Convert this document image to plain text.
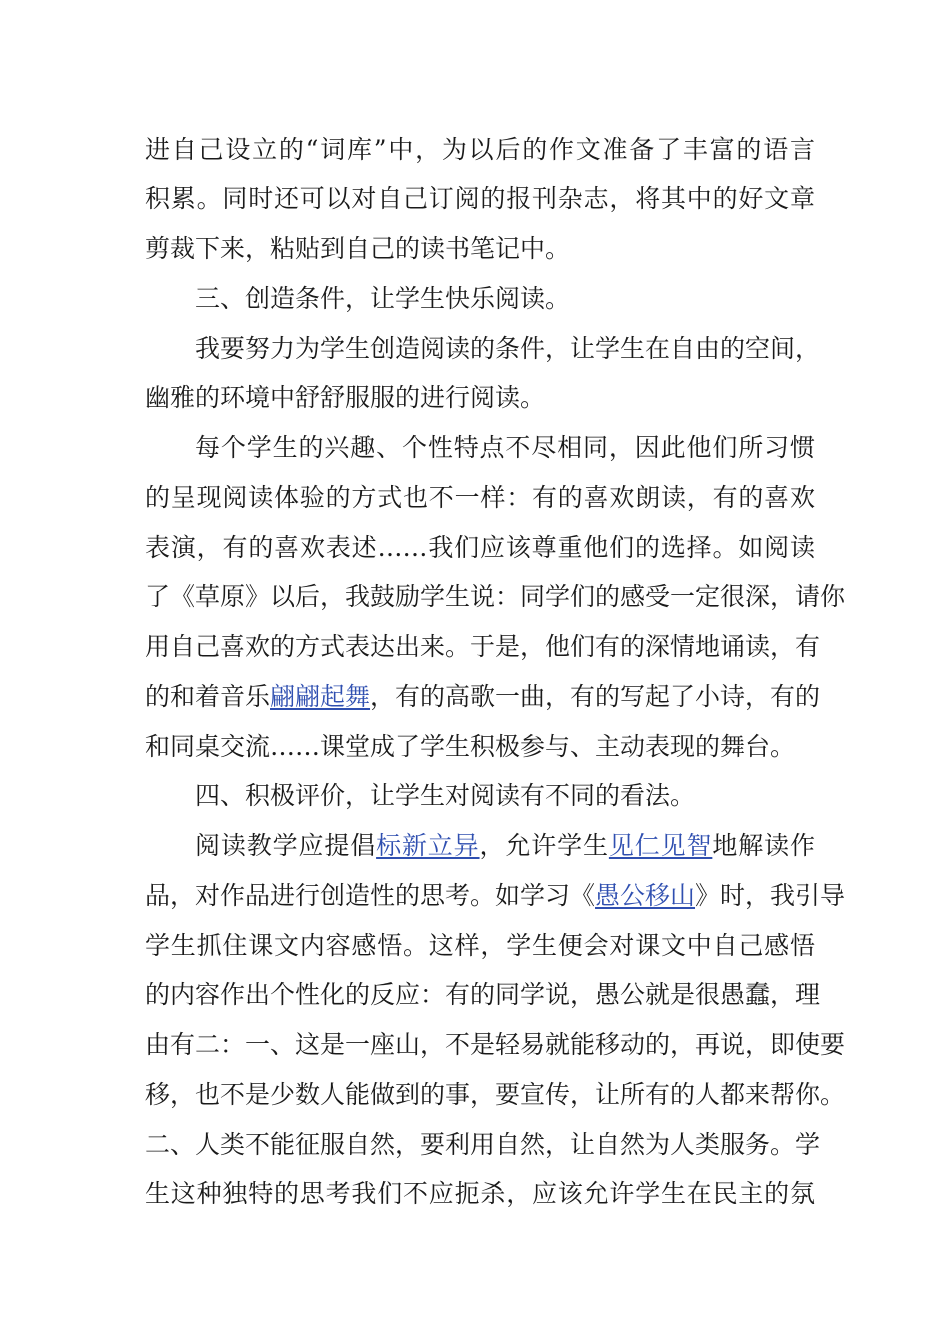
进自己设立的“词库”中，为以后的作文准备了丰富的语言
积累。同时还可以对自己订阅的报刊杂志，将其中的好文章
剪裁下来，粘贴到自己的读书笔记中。
三、创造条件，让学生快乐阅读。
我要努力为学生创造阅读的条件，让学生在自由的空间，
幽雅的环境中舒舒服服的进行阅读。
每个学生的兴趣、个性特点不尽相同，因此他们所习惯
的呈现阅读体验的方式也不一样：有的喜欢朗读，有的喜欢
表演，有的喜欢表述……我们应该尊重他们的选择。如阅读
了《草原》以后，我鼓励学生说：同学们的感受一定很深，请你
用自己喜欢的方式表达出来。于是，他们有的深情地诵读，有
的和着音乐翩翩起舞，有的高歌一曲，有的写起了小诗，有的
和同桌交流……课堂成了学生积极参与、主动表现的舞台。
四、积极评价，让学生对阅读有不同的看法。
阅读教学应提倡标新立异，允许学生见仁见智地解读作
品，对作品进行创造性的思考。如学习《愚公移山》时，我引导
学生抓住课文内容感悟。这样，学生便会对课文中自己感悟
的内容作出个性化的反应：有的同学说，愚公就是很愚蠢，理
由有二：一、这是一座山，不是轻易就能移动的，再说，即使要
移，也不是少数人能做到的事，要宣传，让所有的人都来帮你。
二、人类不能征服自然，要利用自然，让自然为人类服务。学
生这种独特的思考我们不应扼杀，应该允许学生在民主的氛
